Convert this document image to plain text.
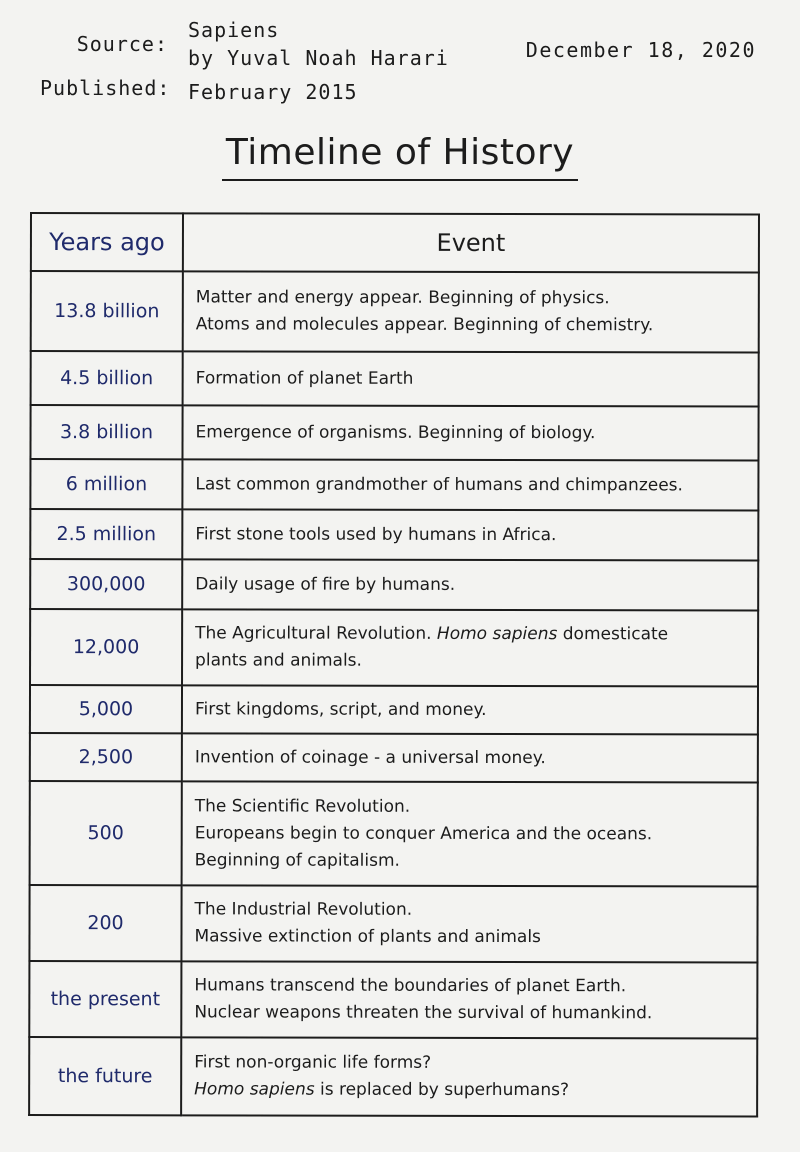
Source:
Sapiens
by Yuval Noah Harari
Published: February 2015
December 18, 2020
Timeline of History
Years ago	Event
13.8 billion	Matter and energy appear. Beginning of physics.
Atoms and molecules appear. Beginning of chemistry.

4.5 billion	Formation of planet Earth

3.8 billion	Emergence of organisms. Beginning of biology.

6 million	Last common grandmother of humans and chimpanzees.

2.5 million	First stone tools used by humans in Africa.

300,000	Daily usage of fire by humans.

12,000	The Agricultural Revolution. Homo sapiens domesticate
plants and animals.

5,000	First kingdoms, script, and money.

2,500	Invention of coinage - a universal money.

500	The Scientific Revolution.
Europeans begin to conquer America and the oceans.
Beginning of capitalism.

200	The Industrial Revolution.
Massive extinction of plants and animals

the present	Humans transcend the boundaries of planet Earth.
Nuclear weapons threaten the survival of humankind.

the future	First non-organic life forms?
Homo sapiens is replaced by superhumans?
